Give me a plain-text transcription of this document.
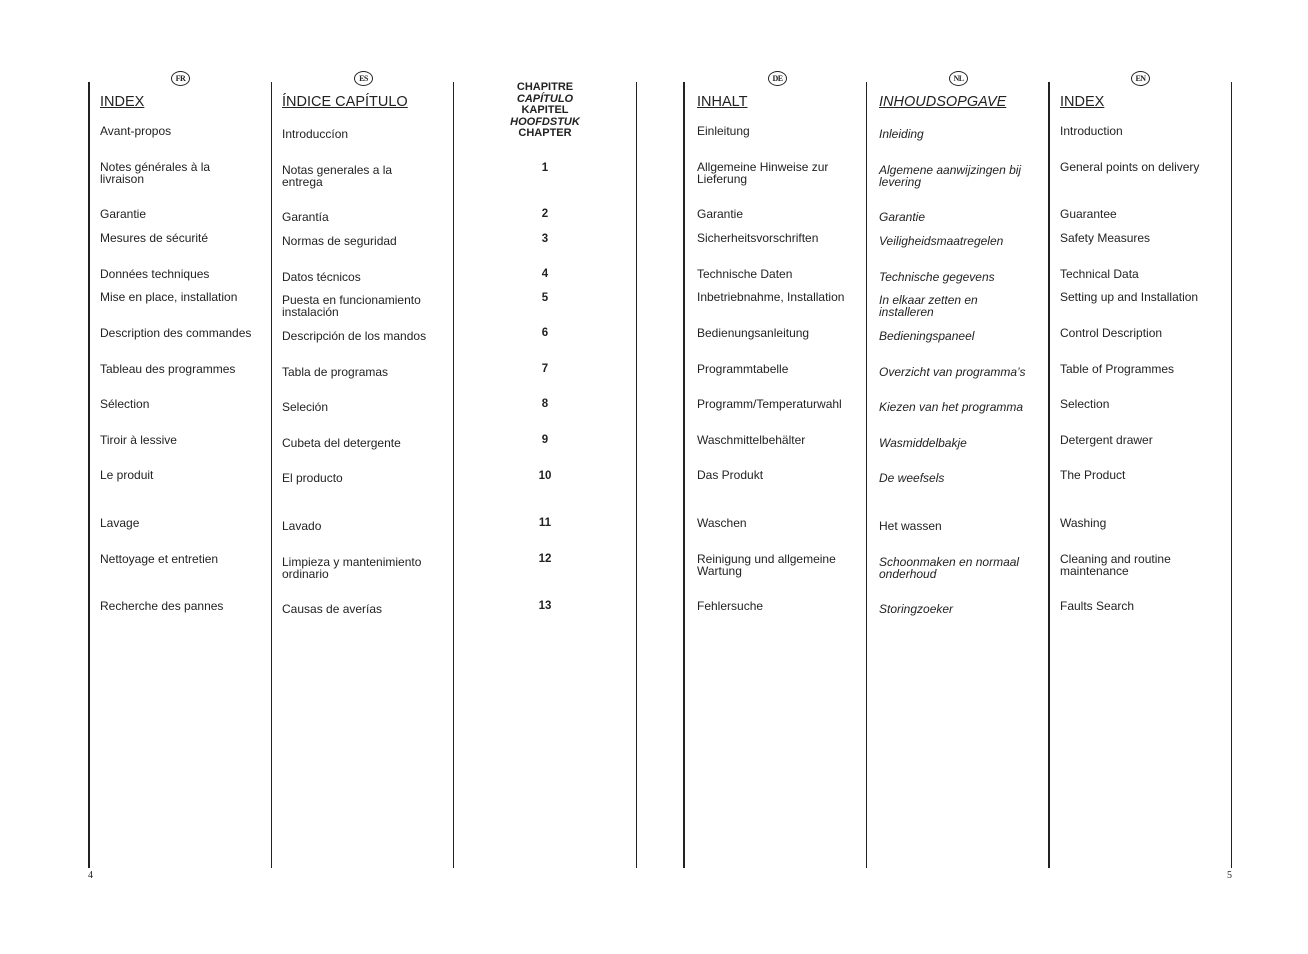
FR
INDEX
Avant-propos
Notes générales à la
livraison
Garantie
Mesures de sécurité
Données techniques
Mise en place, installation
Description des commandes
Tableau des programmes
Sélection
Tiroir à lessive
Le produit
Lavage
Nettoyage et entretien
Recherche des pannes
ES
ÍNDICE CAPÍTULO
Introduccíon
Notas generales a la
entrega
Garantía
Normas de seguridad
Datos técnicos
Puesta en funcionamiento
instalación
Descripción de los mandos
Tabla de programas
Seleción
Cubeta del detergente
El producto
Lavado
Limpieza y mantenimiento
ordinario
Causas de averías
CHAPITRE
CAPÍTULO
KAPITEL
HOOFDSTUK
CHAPTER
1
2
3
4
5
6
7
8
9
10
11
12
13
DE
INHALT
Einleitung
Allgemeine Hinweise zur
Lieferung
Garantie
Sicherheitsvorschriften
Technische Daten
Inbetriebnahme, Installation
Bedienungsanleitung
Programmtabelle
Programm/Temperaturwahl
Waschmittelbehälter
Das Produkt
Waschen
Reinigung und allgemeine
Wartung
Fehlersuche
NL
INHOUDSOPGAVE
Inleiding
Algemene aanwijzingen bij
levering
Garantie
Veiligheidsmaatregelen
Technische gegevens
In elkaar zetten en
installeren
Bedieningspaneel
Overzicht van programma’s
Kiezen van het programma
Wasmiddelbakje
De weefsels
Het wassen
Schoonmaken en normaal
onderhoud
Storingzoeker
EN
INDEX
Introduction
General points on delivery
Guarantee
Safety Measures
Technical Data
Setting up and Installation
Control Description
Table of Programmes
Selection
Detergent drawer
The Product
Washing
Cleaning and routine
maintenance
Faults Search
4	5
